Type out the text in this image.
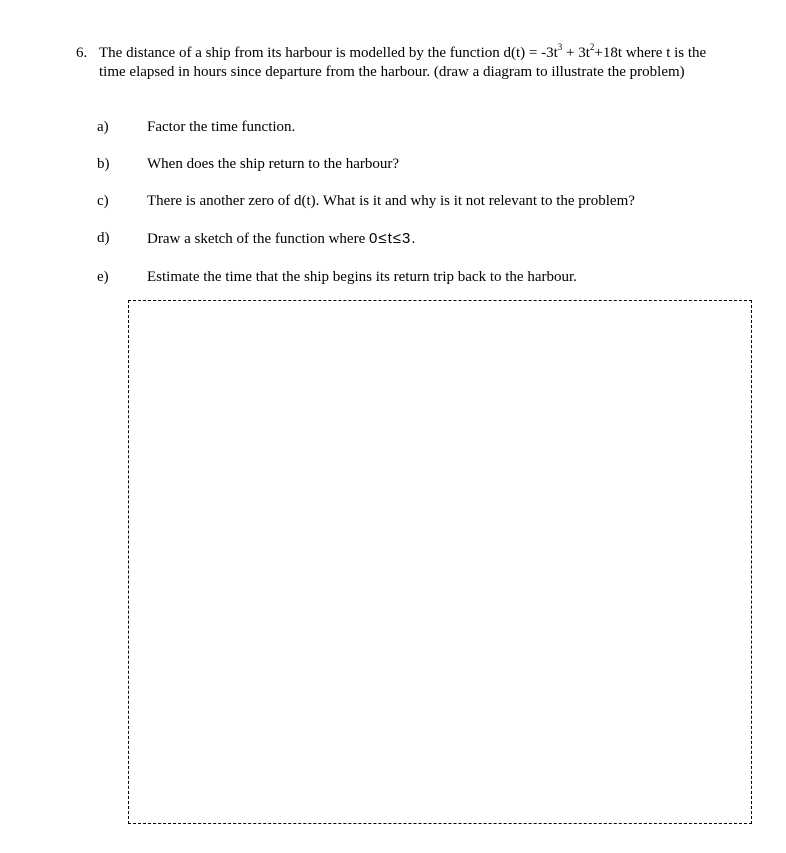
6. The distance of a ship from its harbour is modelled by the function $d(t) = -3t^3 + 3t^2+18t$ where t is the time elapsed in hours since departure from the harbour. (draw a diagram to illustrate the problem)
a)	Factor the time function.
b)	When does the ship return to the harbour?
c)	There is another zero of d(t). What is it and why is it not relevant to the problem?
d)	Draw a sketch of the function where 0≤t≤3.
e)	Estimate the time that the ship begins its return trip back to the harbour.
